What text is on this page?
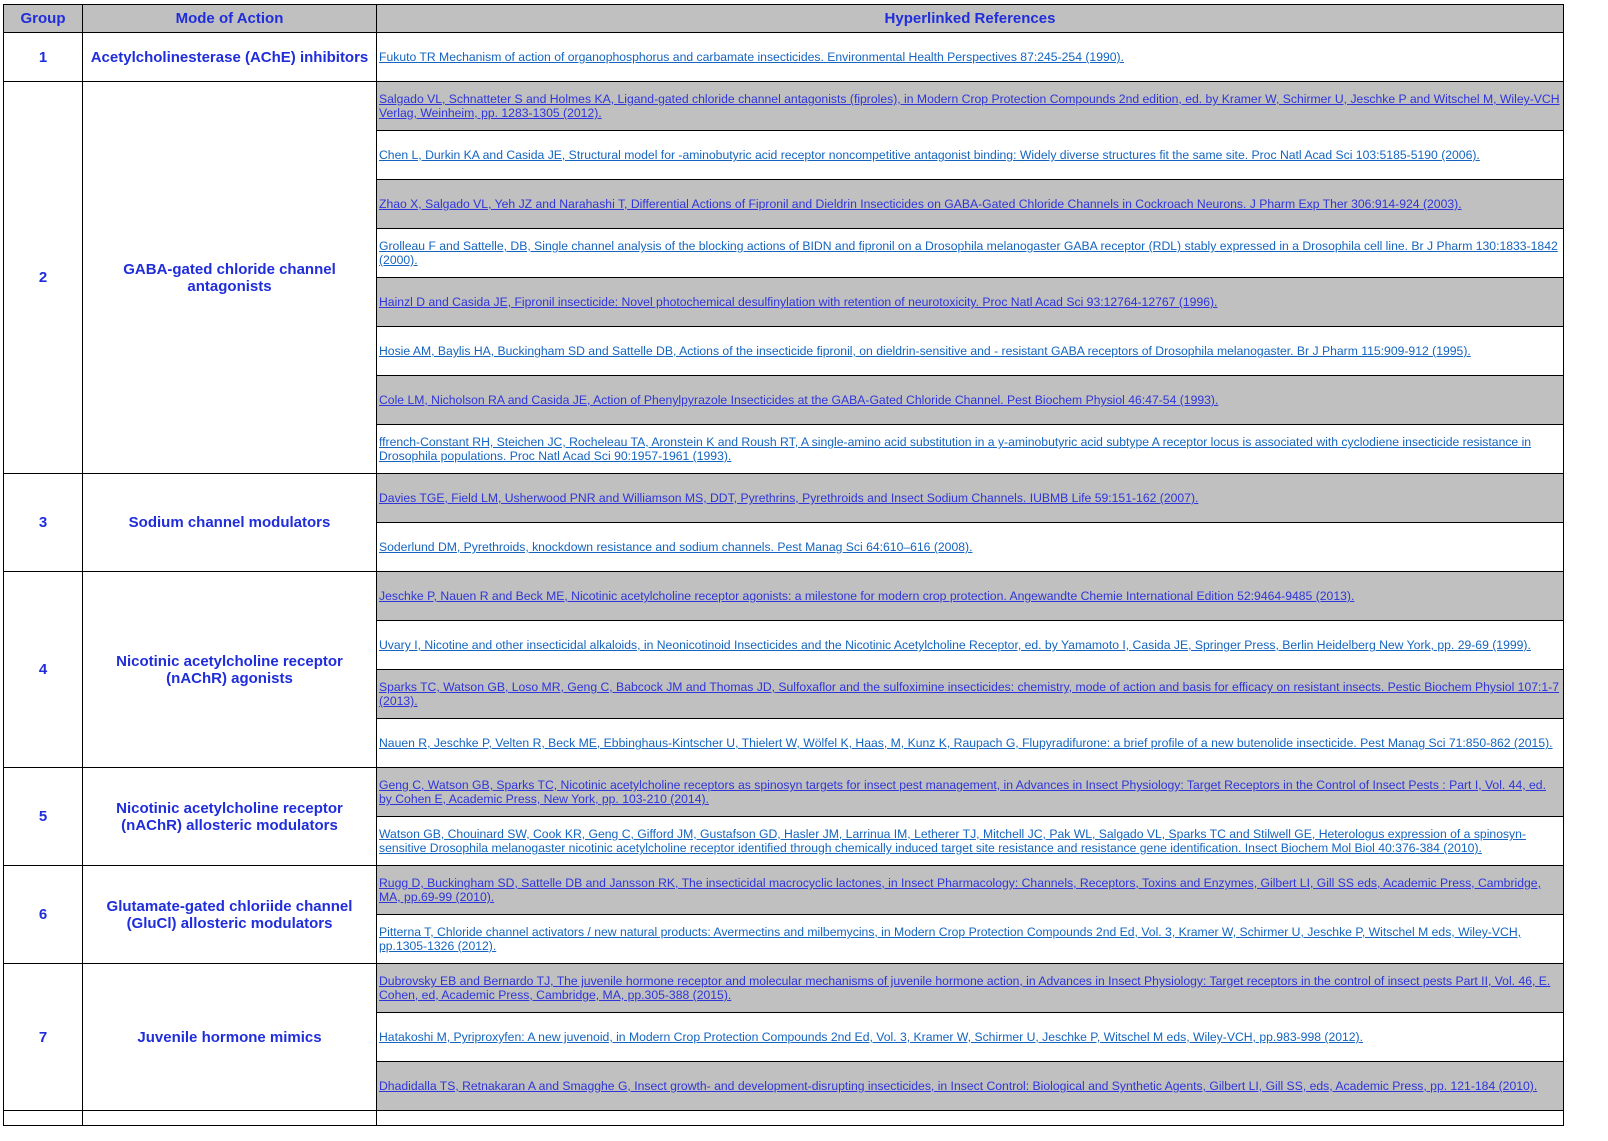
Group	Mode of Action	Hyperlinked References
1	Acetylcholinesterase (AChE) inhibitors	Fukuto TR Mechanism of action of organophosphorus and carbamate insecticides. Environmental Health Perspectives 87:245-254 (1990).
2	GABA-gated chloride channel antagonists	Salgado VL, Schnatteter S and Holmes KA, Ligand-gated chloride channel antagonists (fiproles), in Modern Crop Protection Compounds 2nd edition, ed. by Kramer W, Schirmer U, Jeschke P and Witschel M, Wiley-VCH Verlag, Weinheim, pp. 1283-1305 (2012).
		Chen L, Durkin KA and Casida JE, Structural model for -aminobutyric acid receptor noncompetitive antagonist binding: Widely diverse structures fit the same site. Proc Natl Acad Sci 103:5185-5190 (2006).
		Zhao X, Salgado VL, Yeh JZ and Narahashi T, Differential Actions of Fipronil and Dieldrin Insecticides on GABA-Gated Chloride Channels in Cockroach Neurons. J Pharm Exp Ther 306:914-924 (2003).
		Grolleau F and Sattelle, DB, Single channel analysis of the blocking actions of BIDN and fipronil on a Drosophila melanogaster GABA receptor (RDL) stably expressed in a Drosophila cell line. Br J Pharm 130:1833-1842 (2000).
		Hainzl D and Casida JE, Fipronil insecticide: Novel photochemical desulfinylation with retention of neurotoxicity. Proc Natl Acad Sci 93:12764-12767 (1996).
		Hosie AM, Baylis HA, Buckingham SD and Sattelle DB, Actions of the insecticide fipronil, on dieldrin-sensitive and - resistant GABA receptors of Drosophila melanogaster. Br J Pharm 115:909-912 (1995).
		Cole LM, Nicholson RA and Casida JE, Action of Phenylpyrazole Insecticides at the GABA-Gated Chloride Channel. Pest Biochem Physiol 46:47-54 (1993).
		ffrench-Constant RH, Steichen JC, Rocheleau TA, Aronstein K and Roush RT, A single-amino acid substitution in a y-aminobutyric acid subtype A receptor locus is associated with cyclodiene insecticide resistance in Drosophila populations. Proc Natl Acad Sci 90:1957-1961 (1993).
3	Sodium channel modulators	Davies TGE, Field LM, Usherwood PNR and Williamson MS, DDT, Pyrethrins, Pyrethroids and Insect Sodium Channels. IUBMB Life 59:151-162 (2007).
		Soderlund DM, Pyrethroids, knockdown resistance and sodium channels. Pest Manag Sci 64:610–616 (2008).
4	Nicotinic acetylcholine receptor (nAChR) agonists	Jeschke P, Nauen R and Beck ME, Nicotinic acetylcholine receptor agonists: a milestone for modern crop protection. Angewandte Chemie International Edition 52:9464-9485 (2013).
		Uvary I, Nicotine and other insecticidal alkaloids, in Neonicotinoid Insecticides and the Nicotinic Acetylcholine Receptor, ed. by Yamamoto I, Casida JE, Springer Press, Berlin Heidelberg New York, pp. 29-69 (1999).
		Sparks TC, Watson GB, Loso MR, Geng C, Babcock JM and Thomas JD, Sulfoxaflor and the sulfoximine insecticides: chemistry, mode of action and basis for efficacy on resistant insects. Pestic Biochem Physiol 107:1-7 (2013).
		Nauen R, Jeschke P, Velten R, Beck ME, Ebbinghaus-Kintscher U, Thielert W, Wölfel K, Haas, M, Kunz K, Raupach G, Flupyradifurone: a brief profile of a new butenolide insecticide. Pest Manag Sci 71:850-862 (2015).
5	Nicotinic acetylcholine receptor (nAChR) allosteric modulators	Geng C, Watson GB, Sparks TC, Nicotinic acetylcholine receptors as spinosyn targets for insect pest management, in Advances in Insect Physiology: Target Receptors in the Control of Insect Pests : Part I, Vol. 44, ed. by Cohen E, Academic Press, New York, pp. 103-210 (2014).
		Watson GB, Chouinard SW, Cook KR, Geng C, Gifford JM, Gustafson GD, Hasler JM, Larrinua IM, Letherer TJ, Mitchell JC, Pak WL, Salgado VL, Sparks TC and Stilwell GE, Heterologus expression of a spinosyn-sensitive Drosophila melanogaster nicotinic acetylcholine receptor identified through chemically induced target site resistance and resistance gene identification. Insect Biochem Mol Biol 40:376-384 (2010).
6	Glutamate-gated chloriide channel (GluCl) allosteric modulators	Rugg D, Buckingham SD, Sattelle DB and Jansson RK, The insecticidal macrocyclic lactones, in Insect Pharmacology: Channels, Receptors, Toxins and Enzymes, Gilbert LI, Gill SS eds, Academic Press, Cambridge, MA, pp.69-99 (2010).
		Pitterna T, Chloride channel activators / new natural products: Avermectins and milbemycins, in Modern Crop Protection Compounds 2nd Ed, Vol. 3, Kramer W, Schirmer U, Jeschke P, Witschel M eds, Wiley-VCH, pp.1305-1326 (2012).
7	Juvenile hormone mimics	Dubrovsky EB and Bernardo TJ, The juvenile hormone receptor and molecular mechanisms of juvenile hormone action, in Advances in Insect Physiology: Target receptors in the control of insect pests Part II, Vol. 46, E. Cohen, ed, Academic Press, Cambridge, MA, pp.305-388 (2015).
		Hatakoshi M, Pyriproxyfen: A new juvenoid, in Modern Crop Protection Compounds 2nd Ed, Vol. 3, Kramer W, Schirmer U, Jeschke P, Witschel M eds, Wiley-VCH, pp.983-998 (2012).
		Dhadidalla TS, Retnakaran A and Smagghe G, Insect growth- and development-disrupting insecticides, in Insect Control: Biological and Synthetic Agents, Gilbert LI, Gill SS, eds, Academic Press, pp. 121-184 (2010).
